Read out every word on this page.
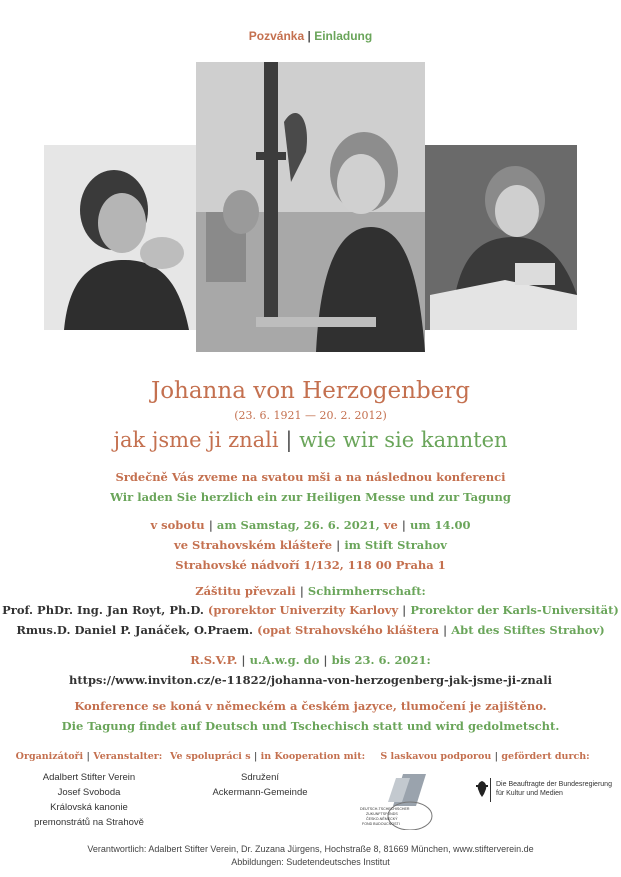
Pozvánka | Einladung
Johanna von Herzogenberg
(23. 6. 1921 — 20. 2. 2012)
jak jsme ji znali | wie wir sie kannten
Srdečně Vás zveme na svatou mši a na následnou konferenci
Wir laden Sie herzlich ein zur Heiligen Messe und zur Tagung
v sobotu | am Samstag, 26. 6. 2021, ve | um 14.00
ve Strahovském klášteře | im Stift Strahov
Strahovské nádvoří 1/132, 118 00 Praha 1
Záštitu převzali | Schirmherrschaft:
Prof. PhDr. Ing. Jan Royt, Ph.D. (prorektor Univerzity Karlovy | Prorektor der Karls-Universität)
Rmus.D. Daniel P. Janáček, O.Praem. (opat Strahovského kláštera | Abt des Stiftes Strahov)
R.S.V.P. | u.A.w.g. do | bis 23. 6. 2021:
https://www.inviton.cz/e-11822/johanna-von-herzogenberg-jak-jsme-ji-znali
Konference se koná v německém a českém jazyce, tlumočení je zajištěno.
Die Tagung findet auf Deutsch und Tschechisch statt und wird gedolmetscht.
Organizátoři | Veranstalter:
Adalbert Stifter Verein
Josef Svoboda
Královská kanonie
premonstrátů na Strahově
Ve spolupráci s | in Kooperation mit:
Sdružení
Ackermann-Gemeinde
S laskavou podporou | gefördert durch:
DEUTSCH-TSCHECHISCHER
ZUKUNFTSFONDS
ČESKO-NĚMECKÝ
FOND BUDOUCNOSTI
Die Beauftragte der Bundesregierung
für Kultur und Medien
Verantwortlich: Adalbert Stifter Verein, Dr. Zuzana Jürgens, Hochstraße 8, 81669 München, www.stifterverein.de
Abbildungen: Sudetendeutsches Institut
